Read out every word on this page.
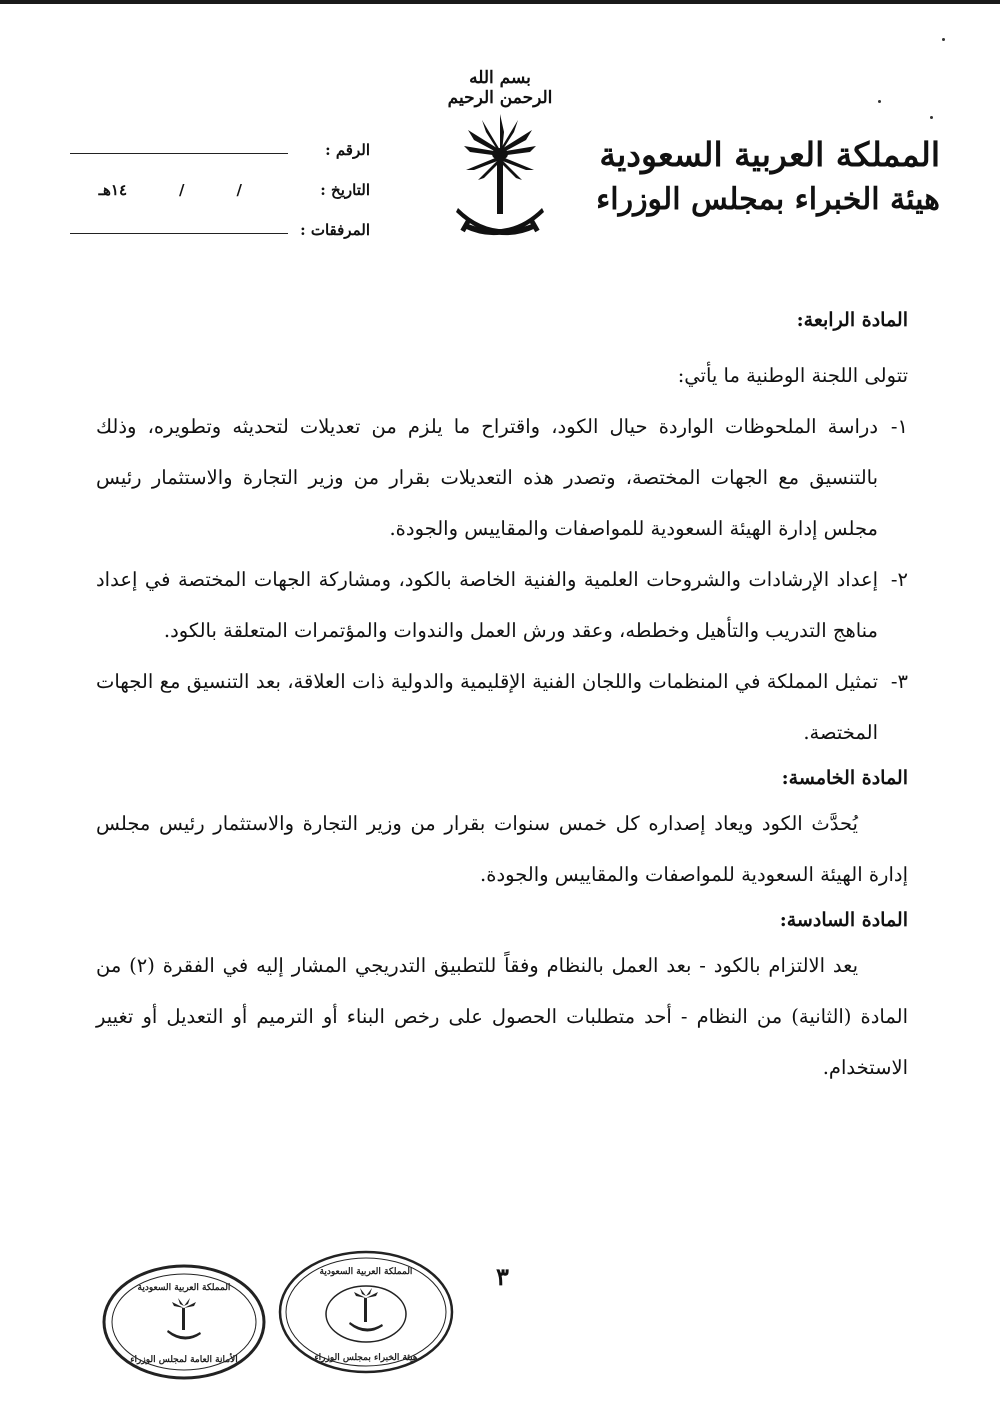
بسم الله الرحمن الرحيم
المملكة العربية السعودية
هيئة الخبراء بمجلس الوزراء
الرقم :
التاريخ :
/
/
١٤هـ
المرفقات :

المادة الرابعة:

تتولى اللجنة الوطنية ما يأتي:

١-
دراسة الملحوظات الواردة حيال الكود، واقتراح ما يلزم من تعديلات لتحديثه وتطويره، وذلك بالتنسيق مع الجهات المختصة، وتصدر هذه التعديلات بقرار من وزير التجارة والاستثمار رئيس مجلس إدارة الهيئة السعودية للمواصفات والمقاييس والجودة.
٢-
إعداد الإرشادات والشروحات العلمية والفنية الخاصة بالكود، ومشاركة الجهات المختصة في إعداد مناهج التدريب والتأهيل وخططه، وعقد ورش العمل والندوات والمؤتمرات المتعلقة بالكود.
٣-
تمثيل المملكة في المنظمات واللجان الفنية الإقليمية والدولية ذات العلاقة، بعد التنسيق مع الجهات المختصة.

المادة الخامسة:

يُحدَّث الكود ويعاد إصداره كل خمس سنوات بقرار من وزير التجارة والاستثمار رئيس مجلس إدارة الهيئة السعودية للمواصفات والمقاييس والجودة.

المادة السادسة:

يعد الالتزام بالكود - بعد العمل بالنظام وفقاً للتطبيق التدريجي المشار إليه في الفقرة (٢) من المادة (الثانية) من النظام - أحد متطلبات الحصول على رخص البناء أو الترميم أو التعديل أو تغيير الاستخدام.

٣
المملكة العربية السعودية
هيئة الخبراء بمجلس الوزراء
المملكة العربية السعودية
الأمانة العامة لمجلس الوزراء
